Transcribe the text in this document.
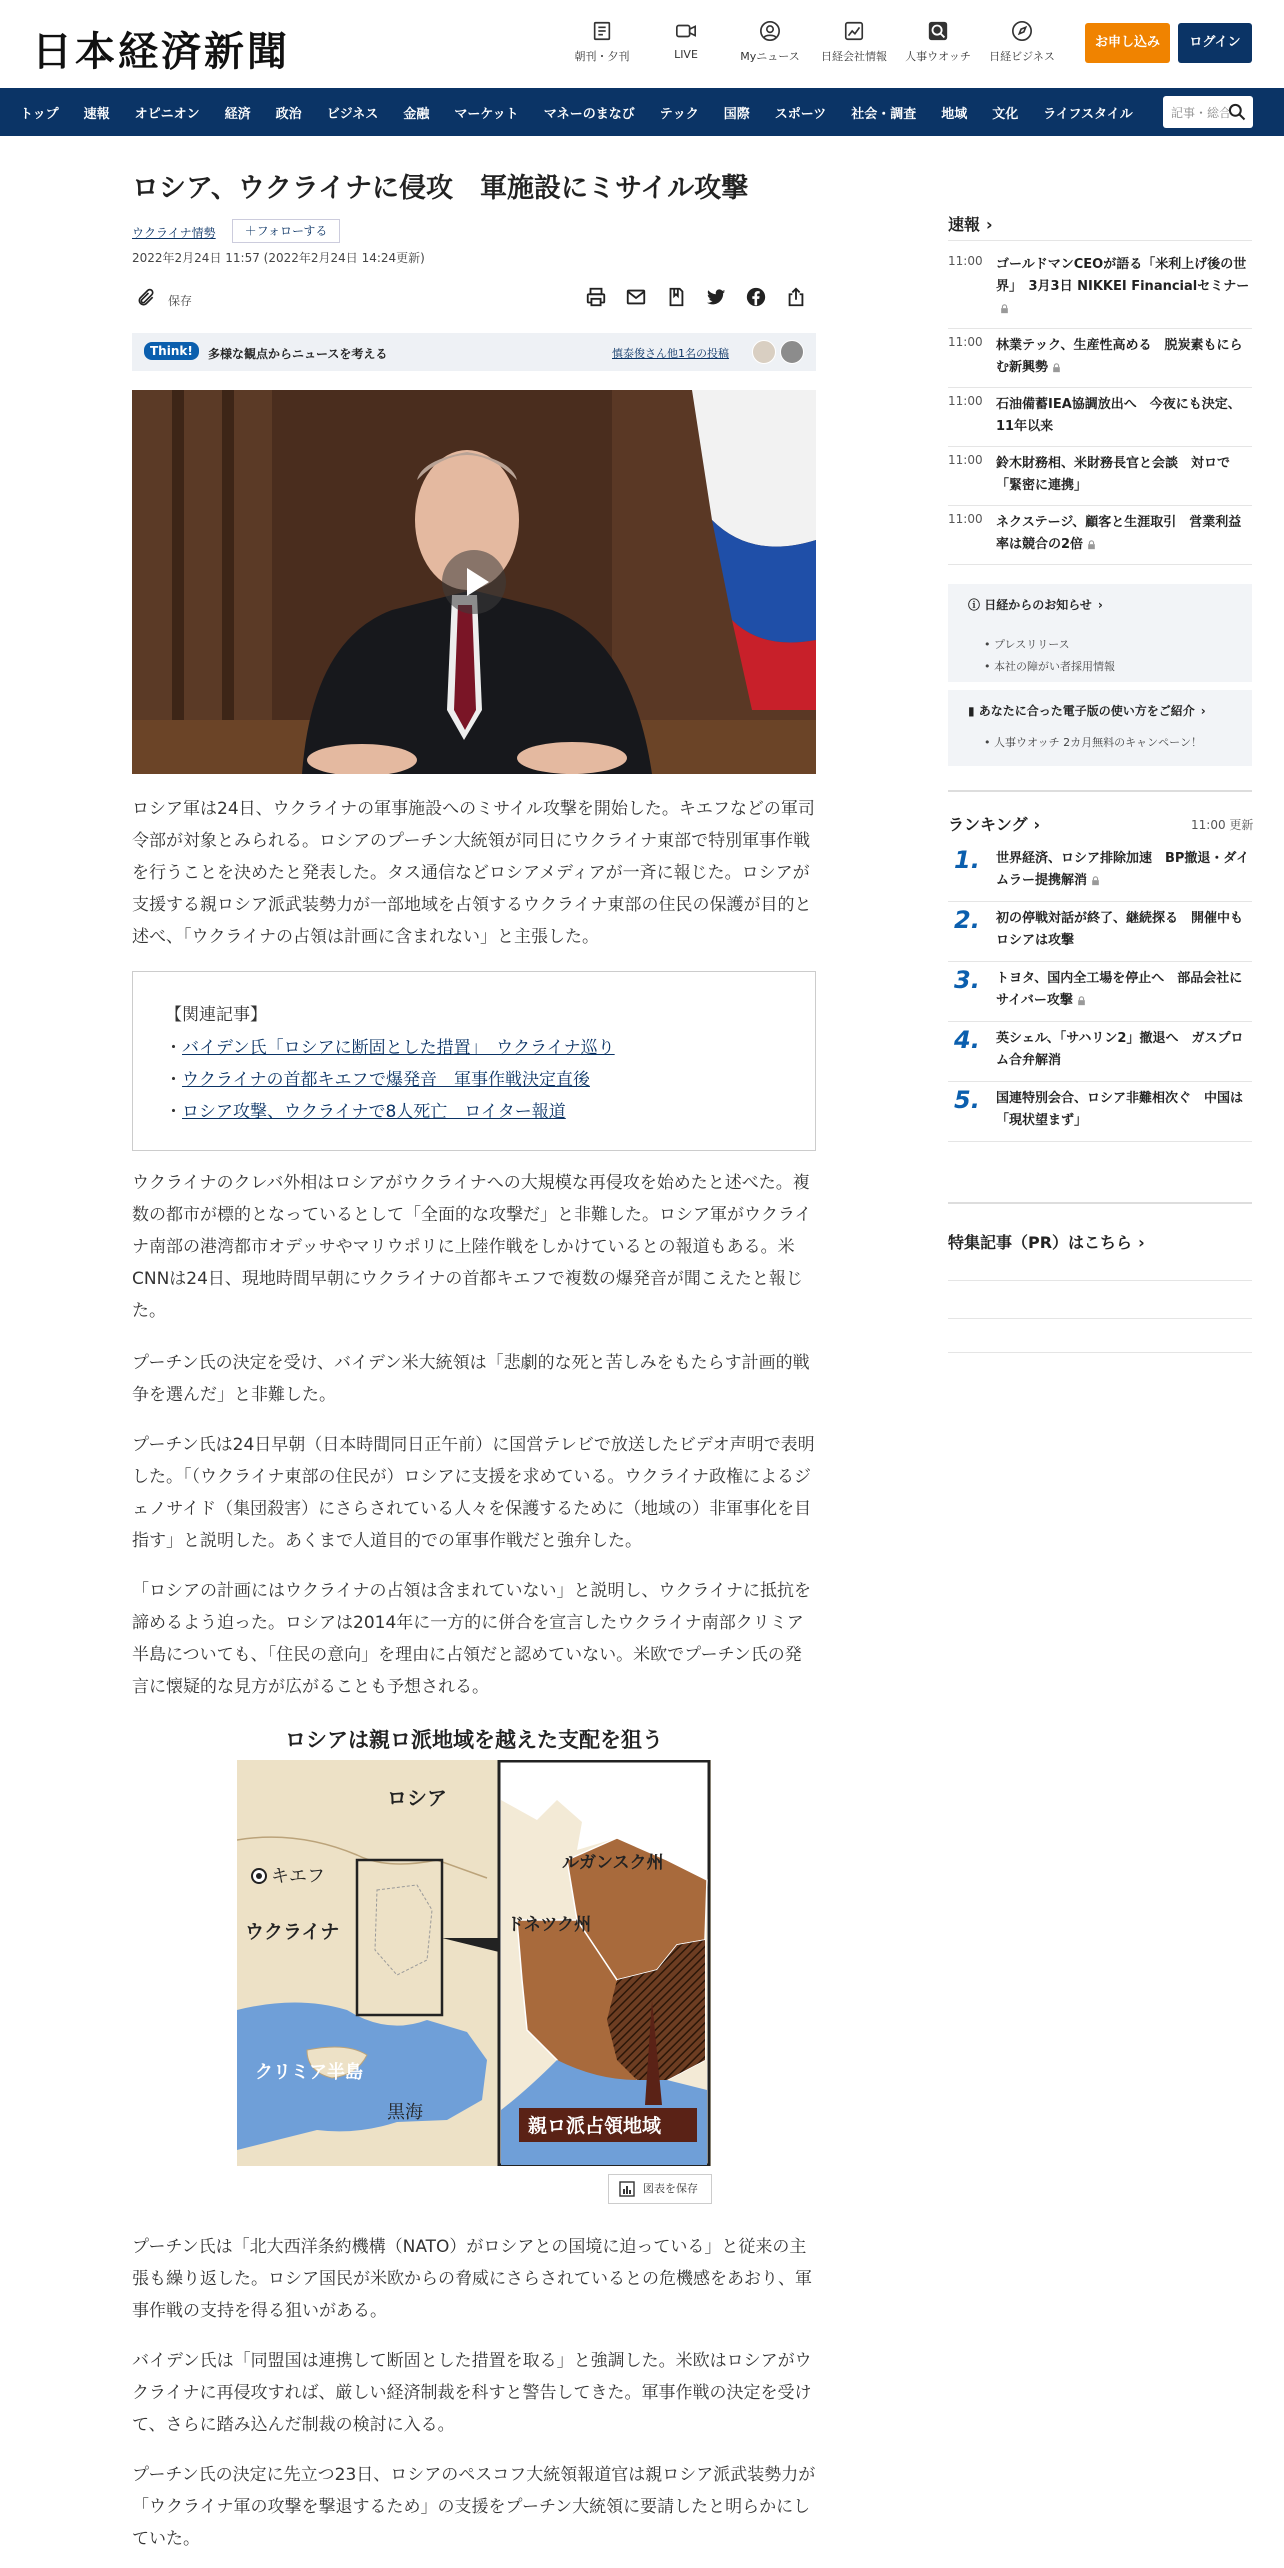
日本経済新聞	朝刊・夕刊	LIVE	Myニュース	日経会社情報	人事ウオッチ	日経ビジネス
お申し込み	ログイン
トップ 速報 オピニオン 経済 政治 ビジネス 金融 マーケット マネーのまなび テック 国際 スポーツ 社会・調査 地域 文化 ライフスタイル	記事・総合
ロシア、ウクライナに侵攻　軍施設にミサイル攻撃
ウクライナ情勢	＋フォローする
2022年2月24日 11:57 (2022年2月24日 14:24更新)
保存
Think!	多様な観点からニュースを考える	慎泰俊さん他1名の投稿

ロシア軍は24日、ウクライナの軍事施設へのミサイル攻撃を開始した。キエフなどの軍司令部が対象とみられる。ロシアのプーチン大統領が同日にウクライナ東部で特別軍事作戦を行うことを決めたと発表した。タス通信などロシアメディアが一斉に報じた。ロシアが支援する親ロシア派武装勢力が一部地域を占領するウクライナ東部の住民の保護が目的と述べ、「ウクライナの占領は計画に含まれない」と主張した。

【関連記事】
・バイデン氏「ロシアに断固とした措置」　ウクライナ巡り
・ウクライナの首都キエフで爆発音　軍事作戦決定直後
・ロシア攻撃、ウクライナで8人死亡　ロイター報道

ウクライナのクレバ外相はロシアがウクライナへの大規模な再侵攻を始めたと述べた。複数の都市が標的となっているとして「全面的な攻撃だ」と非難した。ロシア軍がウクライナ南部の港湾都市オデッサやマリウポリに上陸作戦をしかけているとの報道もある。米CNNは24日、現地時間早朝にウクライナの首都キエフで複数の爆発音が聞こえたと報じた。

プーチン氏の決定を受け、バイデン米大統領は「悲劇的な死と苦しみをもたらす計画的戦争を選んだ」と非難した。

プーチン氏は24日早朝（日本時間同日正午前）に国営テレビで放送したビデオ声明で表明した。「（ウクライナ東部の住民が）ロシアに支援を求めている。ウクライナ政権によるジェノサイド（集団殺害）にさらされている人々を保護するために（地域の）非軍事化を目指す」と説明した。あくまで人道目的での軍事作戦だと強弁した。

「ロシアの計画にはウクライナの占領は含まれていない」と説明し、ウクライナに抵抗を諦めるよう迫った。ロシアは2014年に一方的に併合を宣言したウクライナ南部クリミア半島についても、「住民の意向」を理由に占領だと認めていない。米欧でプーチン氏の発言に懐疑的な見方が広がることも予想される。

ロシアは親ロ派地域を越えた支配を狙う
ロシア
キエフ
ウクライナ
クリミア半島
黒海
ルガンスク州
ドネツク州
親ロ派占領地域
図表を保存

プーチン氏は「北大西洋条約機構（NATO）がロシアとの国境に迫っている」と従来の主張も繰り返した。ロシア国民が米欧からの脅威にさらされているとの危機感をあおり、軍事作戦の支持を得る狙いがある。

バイデン氏は「同盟国は連携して断固とした措置を取る」と強調した。米欧はロシアがウクライナに再侵攻すれば、厳しい経済制裁を科すと警告してきた。軍事作戦の決定を受けて、さらに踏み込んだ制裁の検討に入る。

プーチン氏の決定に先立つ23日、ロシアのペスコフ大統領報道官は親ロシア派武装勢力が「ウクライナ軍の攻撃を撃退するため」の支援をプーチン大統領に要請したと明らかにしていた。

速報 ›
11:00 ゴールドマンCEOが語る「米利上げ後の世界」　3月3日 NIKKEI Financialセミナー
11:00 林業テック、生産性高める　脱炭素もにらむ新興勢
11:00 石油備蓄IEA協調放出へ　今夜にも決定、11年以来
11:00 鈴木財務相、米財務長官と会談　対ロで「緊密に連携」
11:00 ネクステージ、顧客と生涯取引　営業利益率は競合の2倍
ⓘ 日経からのお知らせ ›
• プレスリリース
• 本社の障がい者採用情報
▮ あなたに合った電子版の使い方をご紹介 ›
• 人事ウオッチ 2カ月無料のキャンペーン！
ランキング ›	11:00 更新
1. 世界経済、ロシア排除加速　BP撤退・ダイムラー提携解消
2. 初の停戦対話が終了、継続探る　開催中もロシアは攻撃
3. トヨタ、国内全工場を停止へ　部品会社にサイバー攻撃
4. 英シェル、「サハリン2」撤退へ　ガスプロム合弁解消
5. 国連特別会合、ロシア非難相次ぐ　中国は「現状望まず」
特集記事（PR）はこちら ›
